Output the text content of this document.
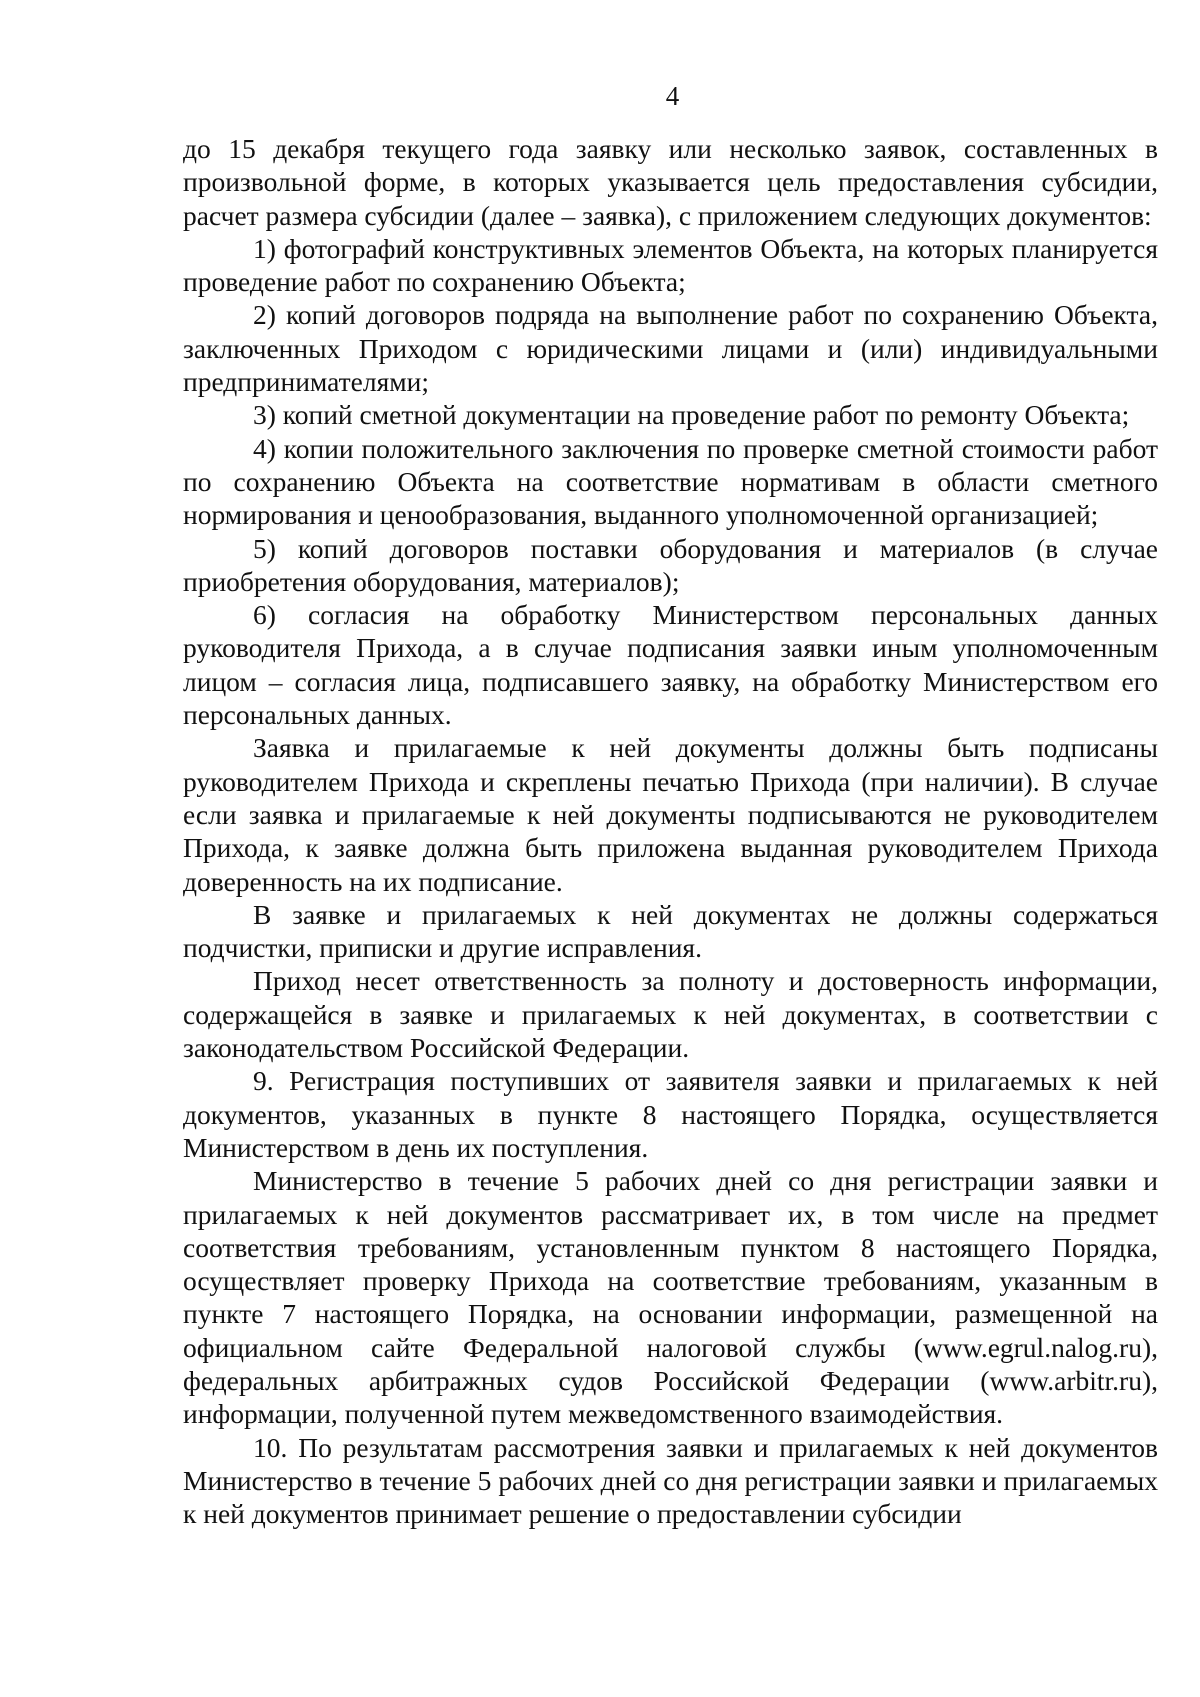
4

до 15 декабря текущего года заявку или несколько заявок, составленных в произвольной форме, в которых указывается цель предоставления субсидии, расчет размера субсидии (далее – заявка), с приложением следующих документов:

1) фотографий конструктивных элементов Объекта, на которых планируется проведение работ по сохранению Объекта;

2) копий договоров подряда на выполнение работ по сохранению Объекта, заключенных Приходом с юридическими лицами и (или) индивидуальными предпринимателями;

3) копий сметной документации на проведение работ по ремонту Объекта;

4) копии положительного заключения по проверке сметной стоимости работ по сохранению Объекта на соответствие нормативам в области сметного нормирования и ценообразования, выданного уполномоченной организацией;

5) копий договоров поставки оборудования и материалов (в случае приобретения оборудования, материалов);

6) согласия на обработку Министерством персональных данных руководителя Прихода, а в случае подписания заявки иным уполномоченным лицом – согласия лица, подписавшего заявку, на обработку Министерством его персональных данных.

Заявка и прилагаемые к ней документы должны быть подписаны руководителем Прихода и скреплены печатью Прихода (при наличии). В случае если заявка и прилагаемые к ней документы подписываются не руководителем Прихода, к заявке должна быть приложена выданная руководителем Прихода доверенность на их подписание.

В заявке и прилагаемых к ней документах не должны содержаться подчистки, приписки и другие исправления.

Приход несет ответственность за полноту и достоверность информации, содержащейся в заявке и прилагаемых к ней документах, в соответствии с законодательством Российской Федерации.

9. Регистрация поступивших от заявителя заявки и прилагаемых к ней документов, указанных в пункте 8 настоящего Порядка, осуществляется Министерством в день их поступления.

Министерство в течение 5 рабочих дней со дня регистрации заявки и прилагаемых к ней документов рассматривает их, в том числе на предмет соответствия требованиям, установленным пунктом 8 настоящего Порядка, осуществляет проверку Прихода на соответствие требованиям, указанным в пункте 7 настоящего Порядка, на основании информации, размещенной на официальном сайте Федеральной налоговой службы (www.egrul.nalog.ru), федеральных арбитражных судов Российской Федерации (www.arbitr.ru), информации, полученной путем межведомственного взаимодействия.

10. По результатам рассмотрения заявки и прилагаемых к ней документов Министерство в течение 5 рабочих дней со дня регистрации заявки и прилагаемых к ней документов принимает решение о предоставлении субсидии
